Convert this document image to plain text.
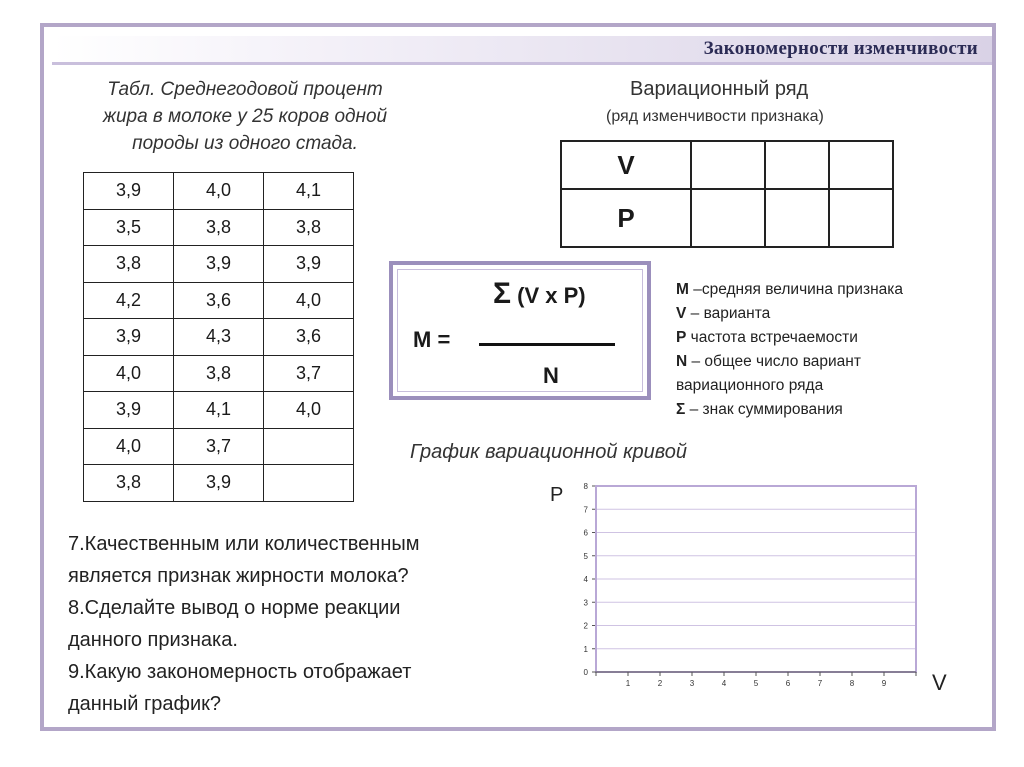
Закономерности изменчивости
Табл. Среднегодовой процент
жира в молоке у 25 коров одной
породы из одного стада.
3,9	4,0	4,1
3,5	3,8	3,8
3,8	3,9	3,9
4,2	3,6	4,0
3,9	4,3	3,6
4,0	3,8	3,7
3,9	4,1	4,0
4,0	3,7	
3,8	3,9	
7.Качественным или количественным
является признак жирности молока?
8.Сделайте вывод о норме реакции
данного признака.
9.Какую закономерность отображает
данный график?
Вариационный ряд
(ряд изменчивости признака)
V			
P			
Σ (V x P)
M =
N
М –средняя величина признака
V – варианта
Р частота встречаемости
N – общее число вариант
вариационного ряда
Σ – знак суммирования
График вариационной кривой
P
V
0
1
2
3
4
5
6
7
8
1	2	3	4	5	6	7	8	9
